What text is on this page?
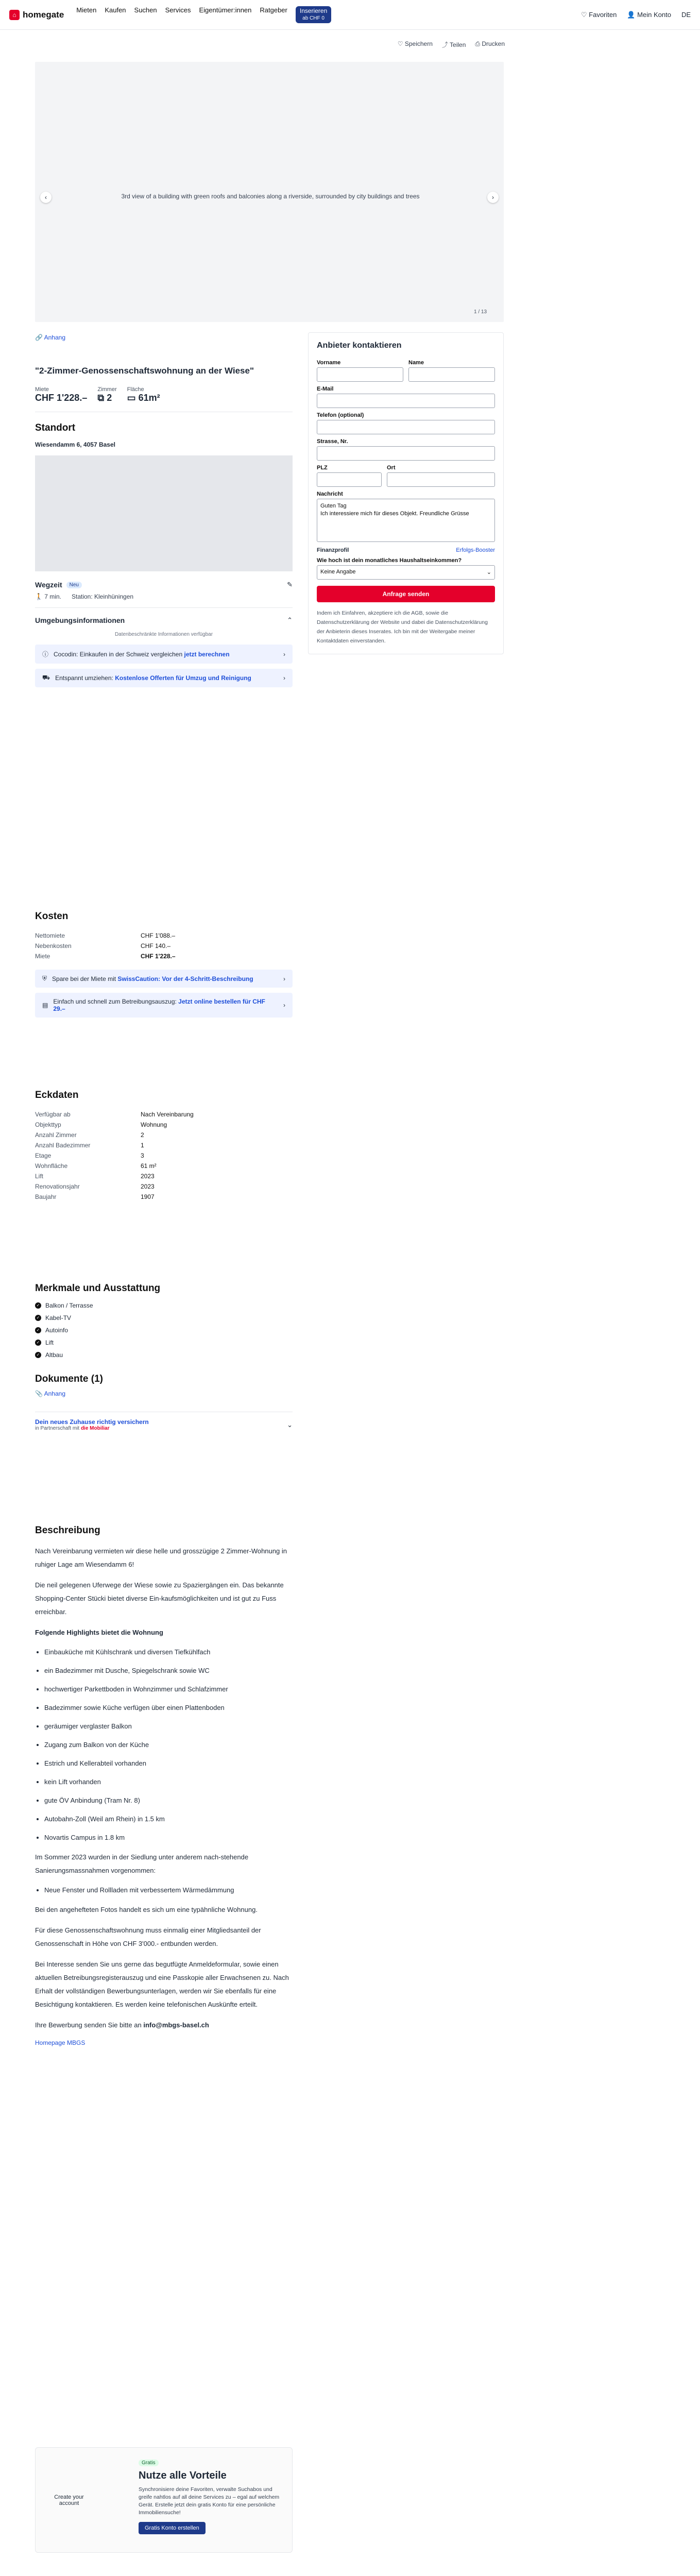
⌂ homegate Mieten Kaufen Suchen Services Eigentümer:innen Ratgeber	Inserieren
ab CHF 0	♡ Favoriten 👤 Mein Konto DE
♡ Speichern ⤴ Teilen ⎙ Drucken
‹	›
3rd view of a building with green roofs and balconies along a riverside, surrounded by city buildings and trees
1 / 13
🔗 Anhang
"2-Zimmer-Genossenschaftswohnung an der Wiese"
Miete
CHF 1'228.–
Zimmer
⧉ 2
Fläche
▭ 61m²
Standort
Wiesendamm 6, 4057 Basel
Wegzeit	Neu	✎
🚶 7 min. Station: Kleinhüningen
Umgebungsinformationen	⌃
Datenbeschränkte Informationen verfügbar
ⓘ Cocodin: Einkaufen in der Schweiz vergleichen jetzt berechnen	›
⛟ Entspannt umziehen: Kostenlose Offerten für Umzug und Reinigung	›
Kosten
Nettomiete	CHF 1'088.–
Nebenkosten	CHF 140.–
Miete	CHF 1'228.–
⛨ Spare bei der Miete mit SwissCaution: Vor der 4-Schritt-Beschreibung	›
▤ Einfach und schnell zum Betreibungsauszug: Jetzt online bestellen für CHF 29.–	›
Eckdaten
Verfügbar ab	Nach Vereinbarung
Objekttyp	Wohnung
Anzahl Zimmer	2
Anzahl Badezimmer	1
Etage	3
Wohnfläche	61 m²
Lift	2023
Renovationsjahr	2023
Baujahr	1907
Merkmale und Ausstattung
✓ Balkon / Terrasse
✓ Kabel-TV
✓ Autoinfo
✓ Lift
✓ Altbau
Dokumente (1)
📎 Anhang
Dein neues Zuhause richtig versichern
in Partnerschaft mit die Mobiliar	⌄
Beschreibung

Nach Vereinbarung vermieten wir diese helle und grosszügige 2 Zimmer-Wohnung in ruhiger Lage am Wiesendamm 6!

Die neil gelegenen Uferwege der Wiese sowie zu Spaziergängen ein. Das bekannte Shopping-Center Stücki bietet diverse Ein-kaufsmöglichkeiten und ist gut zu Fuss erreichbar.

Folgende Highlights bietet die Wohnung

• Einbauküche mit Kühlschrank und diversen Tiefkühlfach
• ein Badezimmer mit Dusche, Spiegelschrank sowie WC
• hochwertiger Parkettboden in Wohnzimmer und Schlafzimmer
• Badezimmer sowie Küche verfügen über einen Plattenboden
• geräumiger verglaster Balkon
• Zugang zum Balkon von der Küche
• Estrich und Kellerabteil vorhanden
• kein Lift vorhanden
• gute ÖV Anbindung (Tram Nr. 8)
• Autobahn-Zoll (Weil am Rhein) in 1.5 km
• Novartis Campus in 1.8 km

Im Sommer 2023 wurden in der Siedlung unter anderem nach-stehende Sanierungsmassnahmen vorgenommen:

• Neue Fenster und Rollladen mit verbessertem Wärmedämmung

Bei den angehefteten Fotos handelt es sich um eine typähnliche Wohnung.

Für diese Genossenschaftswohnung muss einmalig einer Mitgliedsanteil der Genossenschaft in Höhe von CHF 3'000.- entbunden werden.

Bei Interesse senden Sie uns gerne das begutfügte Anmeldeformular, sowie einen aktuellen Betreibungsregisterauszug und eine Passkopie aller Erwachsenen zu. Nach Erhalt der vollständigen Bewerbungsunterlagen, werden wir Sie ebenfalls für eine Besichtigung kontaktieren. Es werden keine telefonischen Auskünfte erteilt.

Ihre Bewerbung senden Sie bitte an info@mbgs-basel.ch

Homepage MBGS
Create your account
Gratis
Nutze alle Vorteile
Synchronisiere deine Favoriten, verwalte Suchabos und greife nahtlos auf all deine Services zu – egal auf welchem Gerät. Erstelle jetzt dein gratis Konto für eine persönliche Immobiliensuche!
Gratis Konto erstellen

Anbieter kontaktieren
Vorname	Name
E-Mail
Telefon (optional)
Strasse, Nr.
PLZ	Ort
Nachricht
Guten Tag
Ich interessiere mich für dieses Objekt. Freundliche Grüsse
Finanzprofil	Erfolgs-Booster
Wie hoch ist dein monatliches Haushaltseinkommen?
Keine Angabe	⌄
Anfrage senden
Indem ich Einfahren, akzeptiere ich die AGB, sowie die Datenschutzerklärung der Website und dabei die Datenschutzerklärung der Anbieterin dieses Inserates. Ich bin mit der Weitergabe meiner Kontaktdaten einverstanden.
